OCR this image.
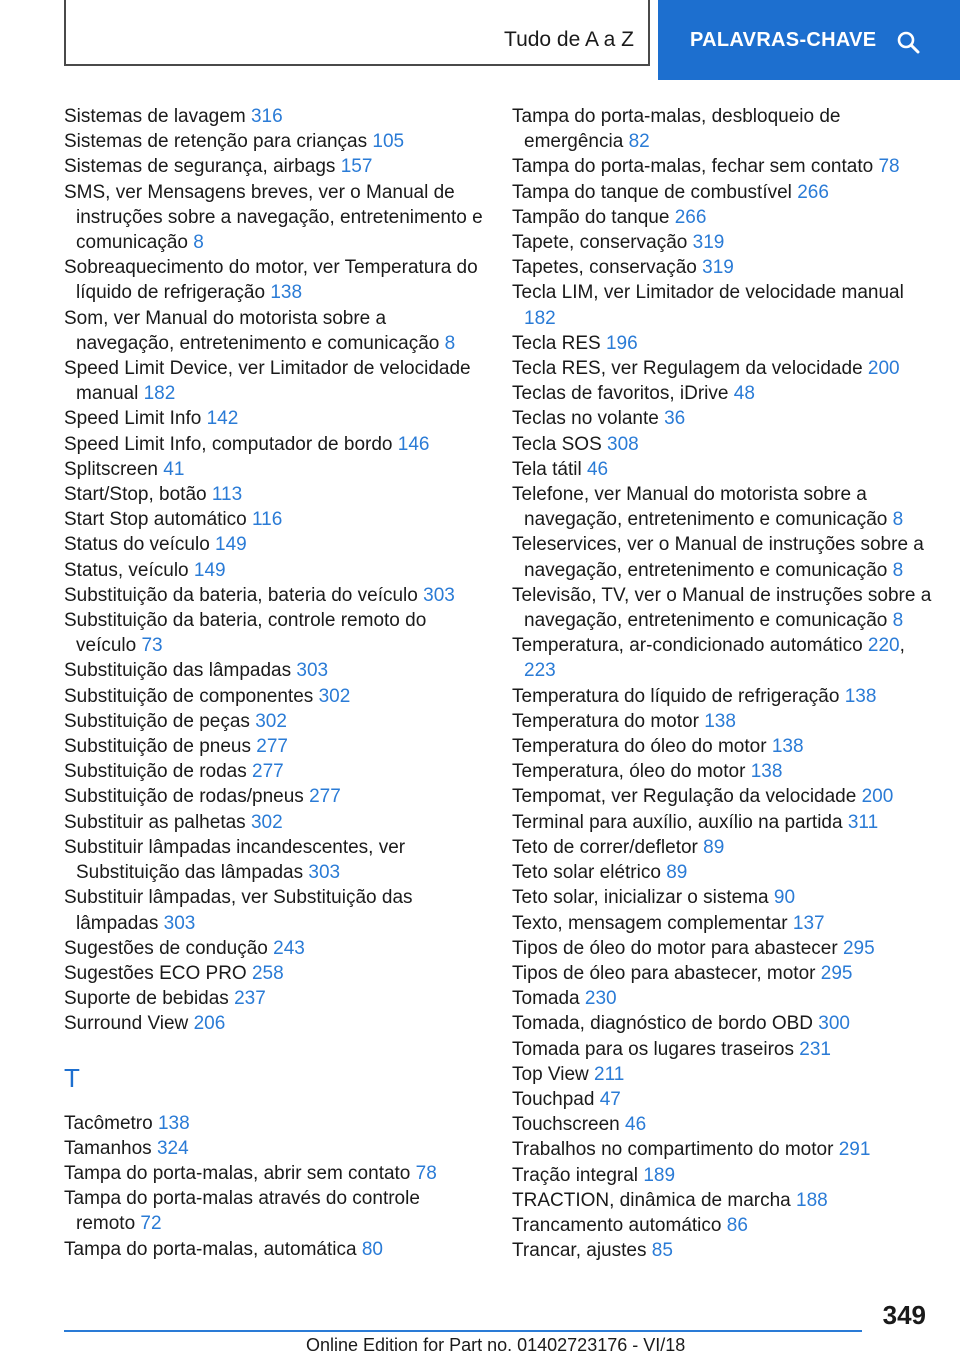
Tudo de A a Z	PALAVRAS-CHAVE
Sistemas de lavagem 316
Sistemas de retenção para crianças 105
Sistemas de segurança, airbags 157
SMS, ver Mensagens breves, ver o Manual de instruções sobre a navegação, entretenimento e comunicação 8
Sobreaquecimento do motor, ver Temperatura do líquido de refrigeração 138
Som, ver Manual do motorista sobre a navegação, entretenimento e comunicação 8
Speed Limit Device, ver Limitador de velocidade manual 182
Speed Limit Info 142
Speed Limit Info, computador de bordo 146
Splitscreen 41
Start/Stop, botão 113
Start Stop automático 116
Status do veículo 149
Status, veículo 149
Substituição da bateria, bateria do veículo 303
Substituição da bateria, controle remoto do veículo 73
Substituição das lâmpadas 303
Substituição de componentes 302
Substituição de peças 302
Substituição de pneus 277
Substituição de rodas 277
Substituição de rodas/pneus 277
Substituir as palhetas 302
Substituir lâmpadas incandescentes, ver Substituição das lâmpadas 303
Substituir lâmpadas, ver Substituição das lâmpadas 303
Sugestões de condução 243
Sugestões ECO PRO 258
Suporte de bebidas 237
Surround View 206
T
Tacômetro 138
Tamanhos 324
Tampa do porta-malas, abrir sem contato 78
Tampa do porta-malas através do controle remoto 72
Tampa do porta-malas, automática 80
Tampa do porta-malas, desbloqueio de emergência 82
Tampa do porta-malas, fechar sem contato 78
Tampa do tanque de combustível 266
Tampão do tanque 266
Tapete, conservação 319
Tapetes, conservação 319
Tecla LIM, ver Limitador de velocidade manual 182
Tecla RES 196
Tecla RES, ver Regulagem da velocidade 200
Teclas de favoritos, iDrive 48
Teclas no volante 36
Tecla SOS 308
Tela tátil 46
Telefone, ver Manual do motorista sobre a navegação, entretenimento e comunicação 8
Teleservices, ver o Manual de instruções sobre a navegação, entretenimento e comunicação 8
Televisão, TV, ver o Manual de instruções sobre a navegação, entretenimento e comunicação 8
Temperatura, ar-condicionado automático 220, 223
Temperatura do líquido de refrigeração 138
Temperatura do motor 138
Temperatura do óleo do motor 138
Temperatura, óleo do motor 138
Tempomat, ver Regulação da velocidade 200
Terminal para auxílio, auxílio na partida 311
Teto de correr/defletor 89
Teto solar elétrico 89
Teto solar, inicializar o sistema 90
Texto, mensagem complementar 137
Tipos de óleo do motor para abastecer 295
Tipos de óleo para abastecer, motor 295
Tomada 230
Tomada, diagnóstico de bordo OBD 300
Tomada para os lugares traseiros 231
Top View 211
Touchpad 47
Touchscreen 46
Trabalhos no compartimento do motor 291
Tração integral 189
TRACTION, dinâmica de marcha 188
Trancamento automático 86
Trancar, ajustes 85
349
Online Edition for Part no. 01402723176 - VI/18
